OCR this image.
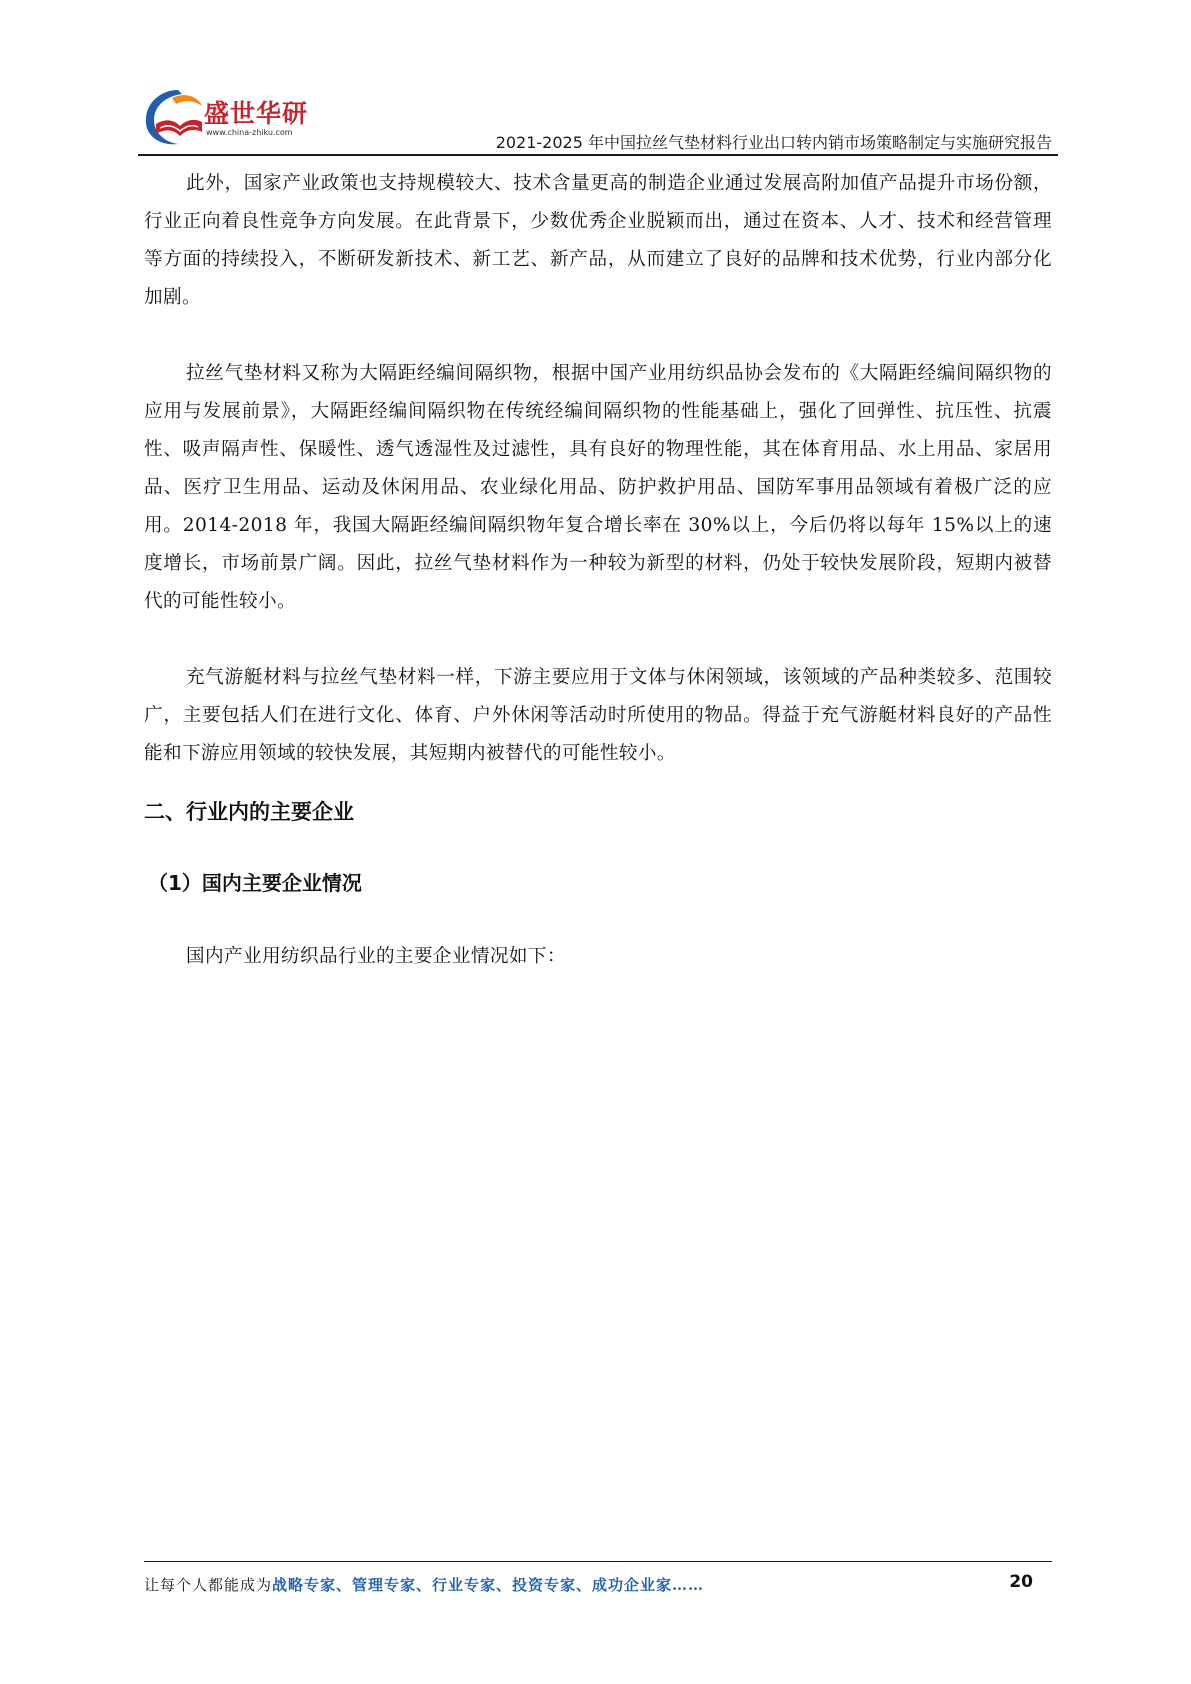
盛世华研
www.china-zhiku.com
2021-2025 年中国拉丝气垫材料行业出口转内销市场策略制定与实施研究报告

此外，国家产业政策也支持规模较大、技术含量更高的制造企业通过发展高附加值产品提升市场份额，行业正向着良性竞争方向发展。在此背景下，少数优秀企业脱颖而出，通过在资本、人才、技术和经营管理等方面的持续投入，不断研发新技术、新工艺、新产品，从而建立了良好的品牌和技术优势，行业内部分化加剧。

拉丝气垫材料又称为大隔距经编间隔织物，根据中国产业用纺织品协会发布的《大隔距经编间隔织物的应用与发展前景》，大隔距经编间隔织物在传统经编间隔织物的性能基础上，强化了回弹性、抗压性、抗震性、吸声隔声性、保暖性、透气透湿性及过滤性，具有良好的物理性能，其在体育用品、水上用品、家居用品、医疗卫生用品、运动及休闲用品、农业绿化用品、防护救护用品、国防军事用品领域有着极广泛的应用。2014-2018 年，我国大隔距经编间隔织物年复合增长率在 30%以上，今后仍将以每年 15%以上的速度增长，市场前景广阔。因此，拉丝气垫材料作为一种较为新型的材料，仍处于较快发展阶段，短期内被替代的可能性较小。

充气游艇材料与拉丝气垫材料一样，下游主要应用于文体与休闲领域，该领域的产品种类较多、范围较广，主要包括人们在进行文化、体育、户外休闲等活动时所使用的物品。得益于充气游艇材料良好的产品性能和下游应用领域的较快发展，其短期内被替代的可能性较小。

二、行业内的主要企业
（1）国内主要企业情况
国内产业用纺织品行业的主要企业情况如下：
让每个人都能成为战略专家、管理专家、行业专家、投资专家、成功企业家……	20
